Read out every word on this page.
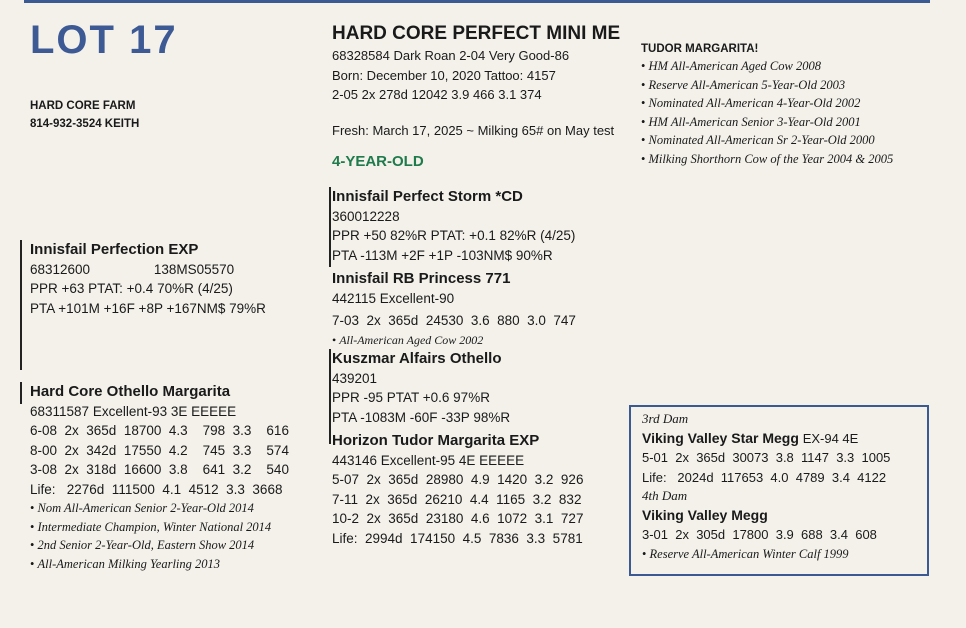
LOT 17
HARD CORE FARM
814-932-3524 KEITH
HARD CORE PERFECT MINI ME
68328584 Dark Roan 2-04 Very Good-86
Born: December 10, 2020 Tattoo: 4157
2-05 2x 278d 12042 3.9 466 3.1 374
Fresh: March 17, 2025 ~ Milking 65# on May test
4-YEAR-OLD
Innisfail Perfection EXP
68312600                 138MS05570
PPR +63 PTAT: +0.4 70%R (4/25)
PTA +101M +16F +8P +167NM$ 79%R
Hard Core Othello Margarita
68311587 Excellent-93 3E EEEEE
6-08  2x  365d  18700  4.3    798  3.3    616
8-00  2x  342d  17550  4.2    745  3.3    574
3-08  2x  318d  16600  3.8    641  3.2    540
Life:   2276d  111500  4.1  4512  3.3  3668
• Nom All-American Senior 2-Year-Old 2014
• Intermediate Champion, Winter National 2014
• 2nd Senior 2-Year-Old, Eastern Show 2014
• All-American Milking Yearling 2013
Innisfail Perfect Storm *CD
360012228
PPR +50 82%R PTAT: +0.1 82%R (4/25)
PTA -113M +2F +1P -103NM$ 90%R
Innisfail RB Princess 771
442115 Excellent-90
7-03  2x  365d  24530  3.6  880  3.0  747
• All-American Aged Cow 2002
Kuszmar Alfairs Othello
439201
PPR -95 PTAT +0.6 97%R
PTA -1083M -60F -33P 98%R
Horizon Tudor Margarita EXP
443146 Excellent-95 4E EEEEE
5-07  2x  365d  28980  4.9  1420  3.2  926
7-11  2x  365d  26210  4.4  1165  3.2  832
10-2  2x  365d  23180  4.6  1072  3.1  727
Life:  2994d  174150  4.5  7836  3.3  5781
TUDOR MARGARITA!
• HM All-American Aged Cow 2008
• Reserve All-American 5-Year-Old 2003
• Nominated All-American 4-Year-Old 2002
• HM All-American Senior 3-Year-Old 2001
• Nominated All-American Sr 2-Year-Old 2000
• Milking Shorthorn Cow of the Year 2004 & 2005
3rd Dam
Viking Valley Star Megg EX-94 4E
5-01  2x  365d  30073  3.8  1147  3.3  1005
Life:   2024d  117653  4.0  4789  3.4  4122
4th Dam
Viking Valley Megg
3-01  2x  305d  17800  3.9  688  3.4  608
• Reserve All-American Winter Calf 1999
